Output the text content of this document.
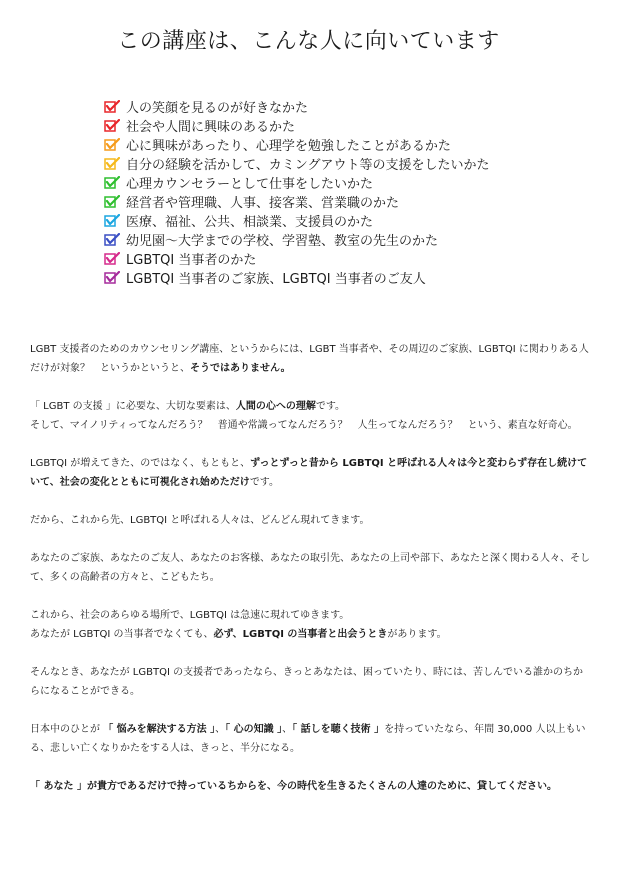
この講座は、こんな人に向いています
人の笑顔を見るのが好きなかた
社会や人間に興味のあるかた
心に興味があったり、心理学を勉強したことがあるかた
自分の経験を活かして、カミングアウト等の支援をしたいかた
心理カウンセラーとして仕事をしたいかた
経営者や管理職、人事、接客業、営業職のかた
医療、福祉、公共、相談業、支援員のかた
幼児園～大学までの学校、学習塾、教室の先生のかた
LGBTQI 当事者のかた
LGBTQI 当事者のご家族、LGBTQI 当事者のご友人

LGBT 支援者のためのカウンセリング講座、というからには、LGBT 当事者や、その周辺のご家族、LGBTQI に関わりある人だけが対象？　というかというと、そうではありません。

「 LGBT の支援 」に必要な、大切な要素は、人間の心への理解です。
そして、マイノリティってなんだろう？　普通や常識ってなんだろう？　人生ってなんだろう？　という、素直な好奇心。

LGBTQI が増えてきた、のではなく、もともと、ずっとずっと昔から LGBTQI と呼ばれる人々は今と変わらず存在し続けていて、社会の変化とともに可視化され始めただけです。

だから、これから先、LGBTQI と呼ばれる人々は、どんどん現れてきます。

あなたのご家族、あなたのご友人、あなたのお客様、あなたの取引先、あなたの上司や部下、あなたと深く関わる人々、そして、多くの高齢者の方々と、こどもたち。

これから、社会のあらゆる場所で、LGBTQI は急速に現れてゆきます。
あなたが LGBTQI の当事者でなくても、必ず、LGBTQI の当事者と出会うときがあります。

そんなとき、あなたが LGBTQI の支援者であったなら、きっとあなたは、困っていたり、時には、苦しんでいる誰かのちからになることができる。

日本中のひとが 「 悩みを解決する方法 」、「 心の知識 」、「 話しを聴く技術 」を持っていたなら、年間 30,000 人以上もいる、悲しい亡くなりかたをする人は、きっと、半分になる。

「 あなた 」が貴方であるだけで持っているちからを、今の時代を生きるたくさんの人達のために、貸してください。
